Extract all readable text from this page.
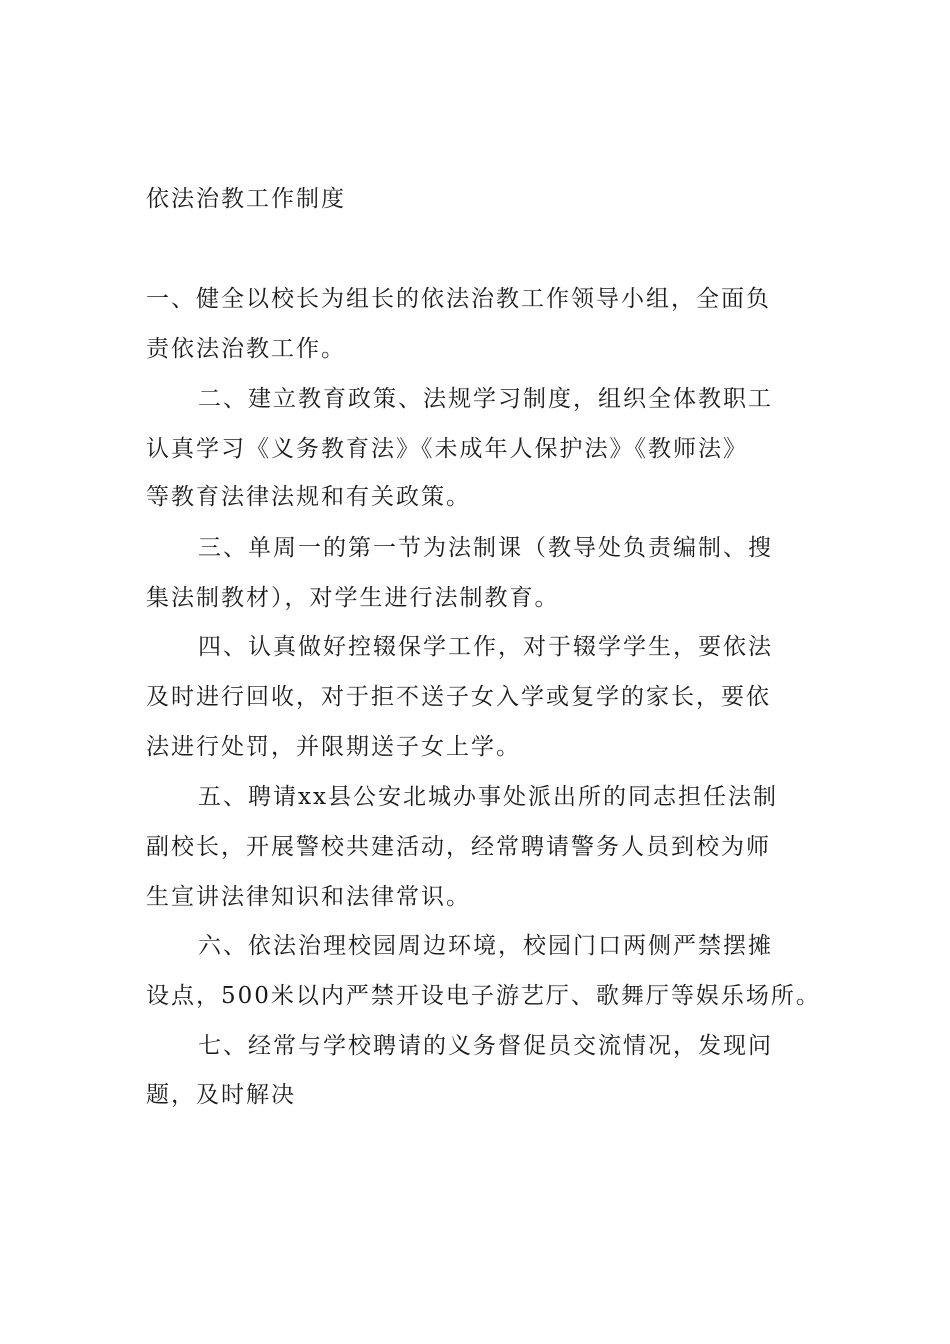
依法治教工作制度
一、健全以校长为组长的依法治教工作领导小组，全面负
责依法治教工作。
二、建立教育政策、法规学习制度，组织全体教职工
认真学习《义务教育法》《未成年人保护法》《教师法》
等教育法律法规和有关政策。
三、单周一的第一节为法制课（教导处负责编制、搜
集法制教材），对学生进行法制教育。
四、认真做好控辍保学工作，对于辍学学生，要依法
及时进行回收，对于拒不送子女入学或复学的家长，要依
法进行处罚，并限期送子女上学。
五、聘请xx县公安北城办事处派出所的同志担任法制
副校长，开展警校共建活动，经常聘请警务人员到校为师
生宣讲法律知识和法律常识。
六、依法治理校园周边环境，校园门口两侧严禁摆摊
设点，500米以内严禁开设电子游艺厅、歌舞厅等娱乐场所。
七、经常与学校聘请的义务督促员交流情况，发现问
题，及时解决
